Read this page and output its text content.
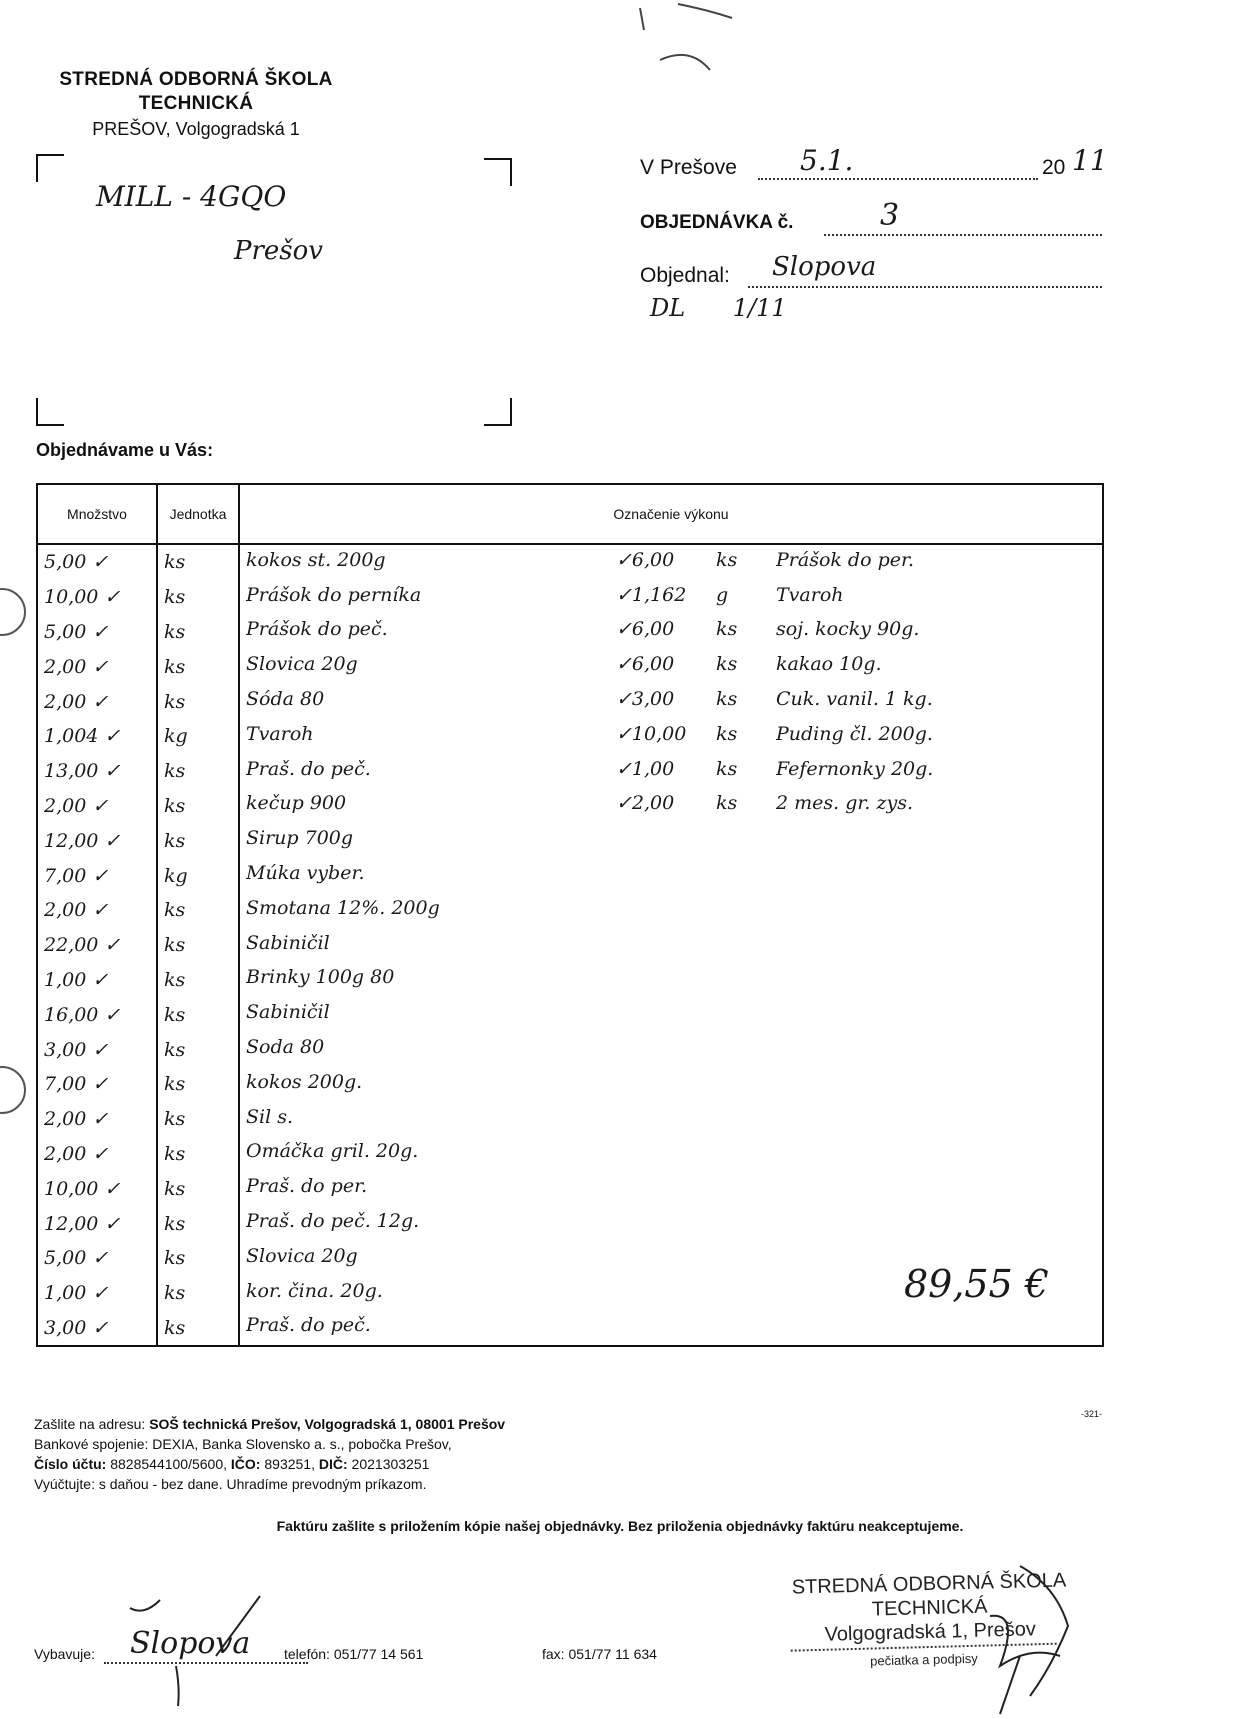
STREDNÁ ODBORNÁ ŠKOLA
TECHNICKÁ
PREŠOV, Volgogradská 1
MILL - 4GQO
Prešov
V Prešove 5.1.	20 11
OBJEDNÁVKA č.	3
Objednal: Slopova
DL 1/11
Objednávame u Vás:
Množstvo	Jednotka	Označenie výkonu
5,00 ✓	ks	kokos st. 200g ✓6,00 ks Prášok do per.
10,00 ✓	ks	Prášok do perníka ✓1,162 g Tvaroh
5,00 ✓	ks	Prášok do peč. ✓6,00 ks soj. kocky 90g.
2,00 ✓	ks	Slovica 20g ✓6,00 ks kakao 10g.
2,00 ✓	ks	Sóda 80 ✓3,00 ks Cuk. vanil. 1 kg.
1,004 ✓	kg	Tvaroh ✓10,00 ks Puding čl. 200g.
13,00 ✓	ks	Praš. do peč. ✓1,00 ks Fefernonky 20g.
2,00 ✓	ks	kečup 900 ✓2,00 ks 2 mes. gr. zys.
12,00 ✓	ks	Sirup 700g
7,00 ✓	kg	Múka vyber.
2,00 ✓	ks	Smotana 12%. 200g
22,00 ✓	ks	Sabiničil
1,00 ✓	ks	Brinky 100g 80
16,00 ✓	ks	Sabiničil
3,00 ✓	ks	Soda 80
7,00 ✓	ks	kokos 200g.
2,00 ✓	ks	Sil s.
2,00 ✓	ks	Omáčka gril. 20g.
10,00 ✓	ks	Praš. do per.
12,00 ✓	ks	Praš. do peč. 12g.
5,00 ✓	ks	Slovica 20g
1,00 ✓	ks	kor. čina. 20g.
3,00 ✓	ks	Praš. do peč.
89,55 €
-321-
Zašlite na adresu: SOŠ technická Prešov, Volgogradská 1, 08001 Prešov
Bankové spojenie: DEXIA, Banka Slovensko a. s., pobočka Prešov,
Číslo účtu: 8828544100/5600, IČO: 893251, DIČ: 2021303251
Vyúčtujte: s daňou - bez dane. Uhradíme prevodným príkazom.
Faktúru zašlite s priložením kópie našej objednávky. Bez priloženia objednávky faktúru neakceptujeme.
Vybavuje: Slopova telefón: 051/77 14 561	fax: 051/77 11 634
STREDNÁ ODBORNÁ ŠKOLA
TECHNICKÁ
Volgogradská 1, Prešov
pečiatka a podpisy
